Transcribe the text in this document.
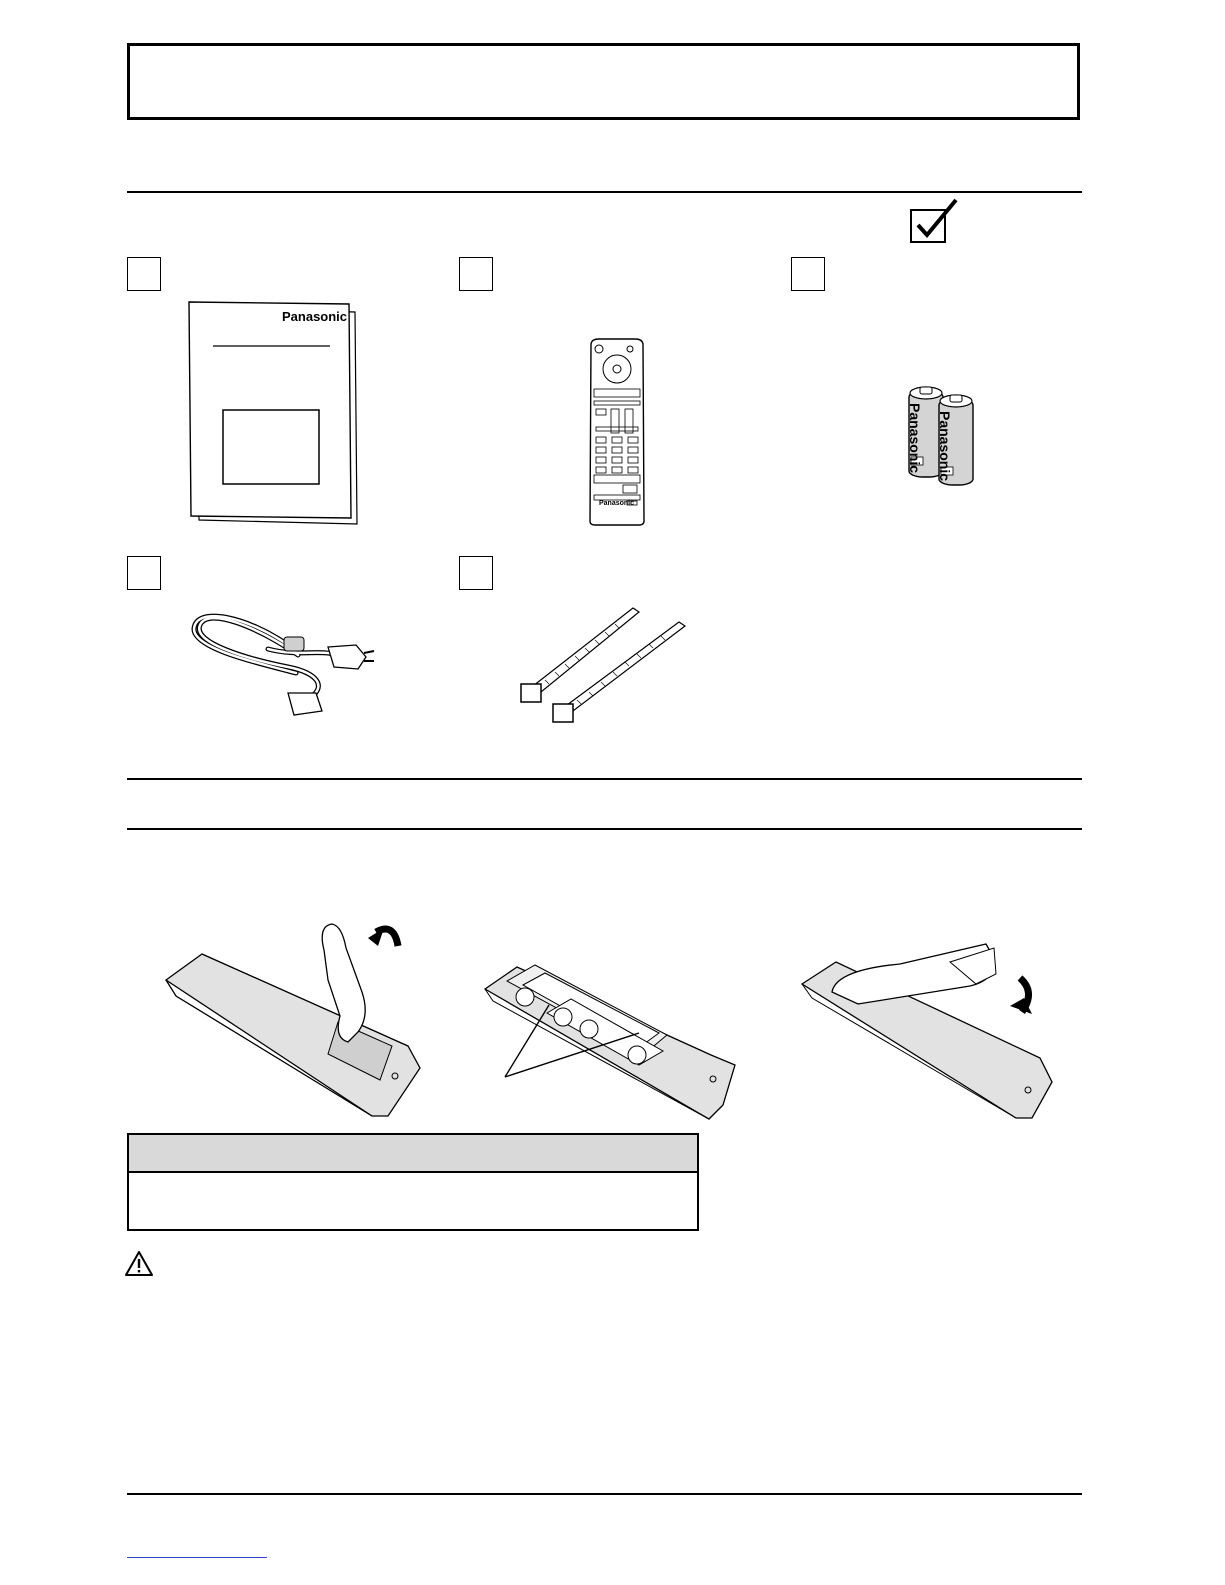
Panasonic
Panasonic
Panasonic Panasonic
